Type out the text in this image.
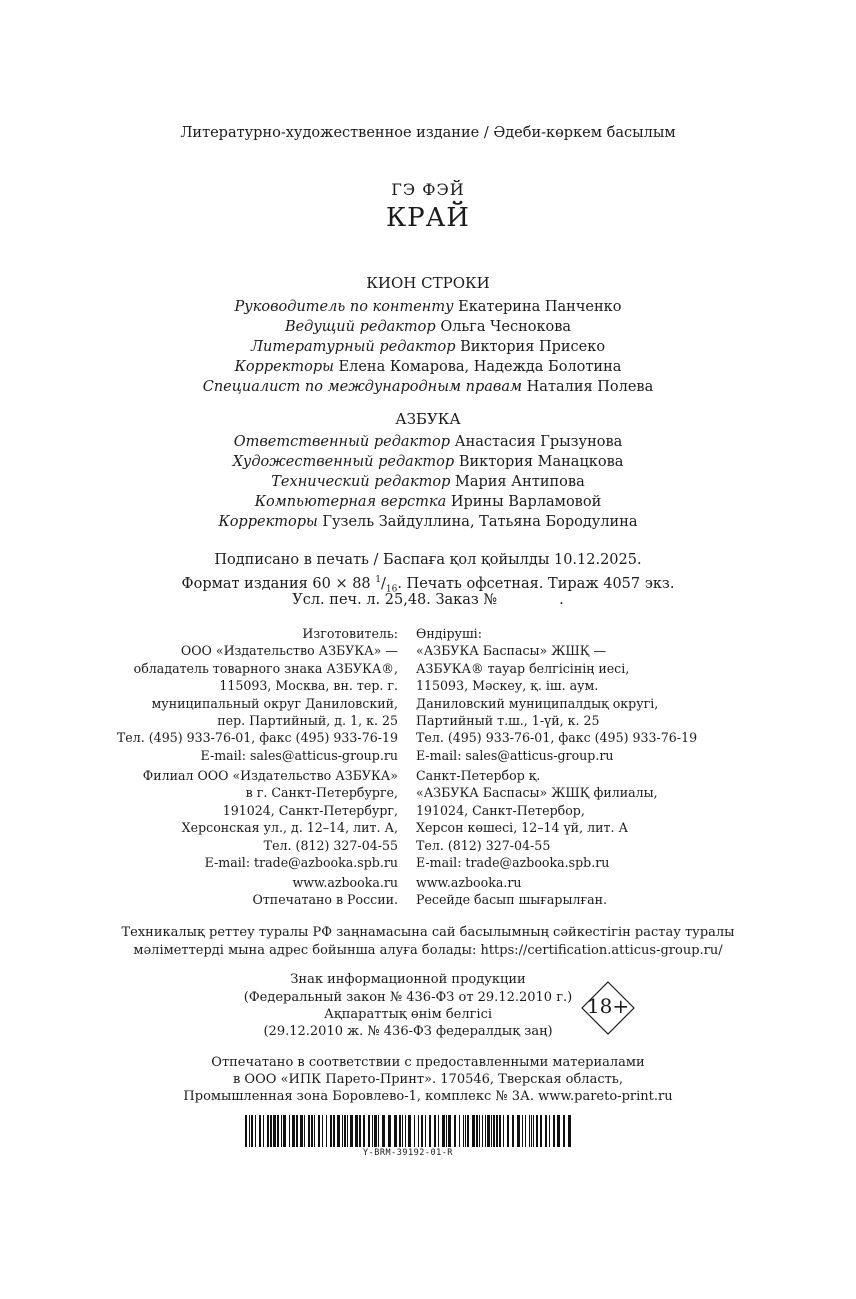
Литературно-художественное издание / Әдеби-көркем басылым
ГЭ ФЭЙ
КРАЙ
КИОН СТРОКИ
Руководитель по контенту Екатерина Панченко
Ведущий редактор Ольга Чеснокова
Литературный редактор Виктория Присеко
Корректоры Елена Комарова, Надежда Болотина
Специалист по международным правам Наталия Полева
АЗБУКА
Ответственный редактор Анастасия Грызунова
Художественный редактор Виктория Манацкова
Технический редактор Мария Антипова
Компьютерная верстка Ирины Варламовой
Корректоры Гузель Зайдуллина, Татьяна Бородулина
Подписано в печать / Баспаға қол қойылды 10.12.2025.
Формат издания 60 × 88 $^1/_{16}$. Печать офсетная. Тираж 4057 экз.
Усл. печ. л. 25,48. Заказ №	.
Изготовитель:
ООО «Издательство АЗБУКА» —
обладатель товарного знака АЗБУКА®,
115093, Москва, вн. тер. г.
муниципальный округ Даниловский,
пер. Партийный, д. 1, к. 25
Тел. (495) 933-76-01, факс (495) 933-76-19
E-mail: sales@atticus-group.ru
Өндіруші:
«АЗБУКА Баспасы» ЖШҚ —
АЗБУКА® тауар белгісінің иесі,
115093, Мәскеу, қ. іш. аум.
Даниловский муниципалдық округі,
Партийный т.ш., 1-үй, к. 25
Тел. (495) 933-76-01, факс (495) 933-76-19
E-mail: sales@atticus-group.ru
Филиал ООО «Издательство АЗБУКА»
в г. Санкт-Петербурге,
191024, Санкт-Петербург,
Херсонская ул., д. 12–14, лит. А,
Тел. (812) 327-04-55
E-mail: trade@azbooka.spb.ru
Санкт-Петербор қ.
«АЗБУКА Баспасы» ЖШҚ филиалы,
191024, Санкт-Петербор,
Херсон көшесі, 12–14 үй, лит. А
Тел. (812) 327-04-55
E-mail: trade@azbooka.spb.ru
www.azbooka.ru
Отпечатано в России.
www.azbooka.ru
Ресейде басып шығарылған.
Техникалық реттеу туралы РФ заңнамасына сай басылымның сәйкестігін растау туралы
мәліметтерді мына адрес бойынша алуға болады: https://certification.atticus-group.ru/
Знак информационной продукции
(Федеральный закон № 436-ФЗ от 29.12.2010 г.)
Ақпараттық өнім белгісі
(29.12.2010 ж. № 436-ФЗ федералдық заң)
18+
Отпечатано в соответствии с предоставленными материалами
в ООО «ИПК Парето-Принт». 170546, Тверская область,
Промышленная зона Боровлево-1, комплекс № 3А. www.pareto-print.ru
Y-BRM-39192-01-R
